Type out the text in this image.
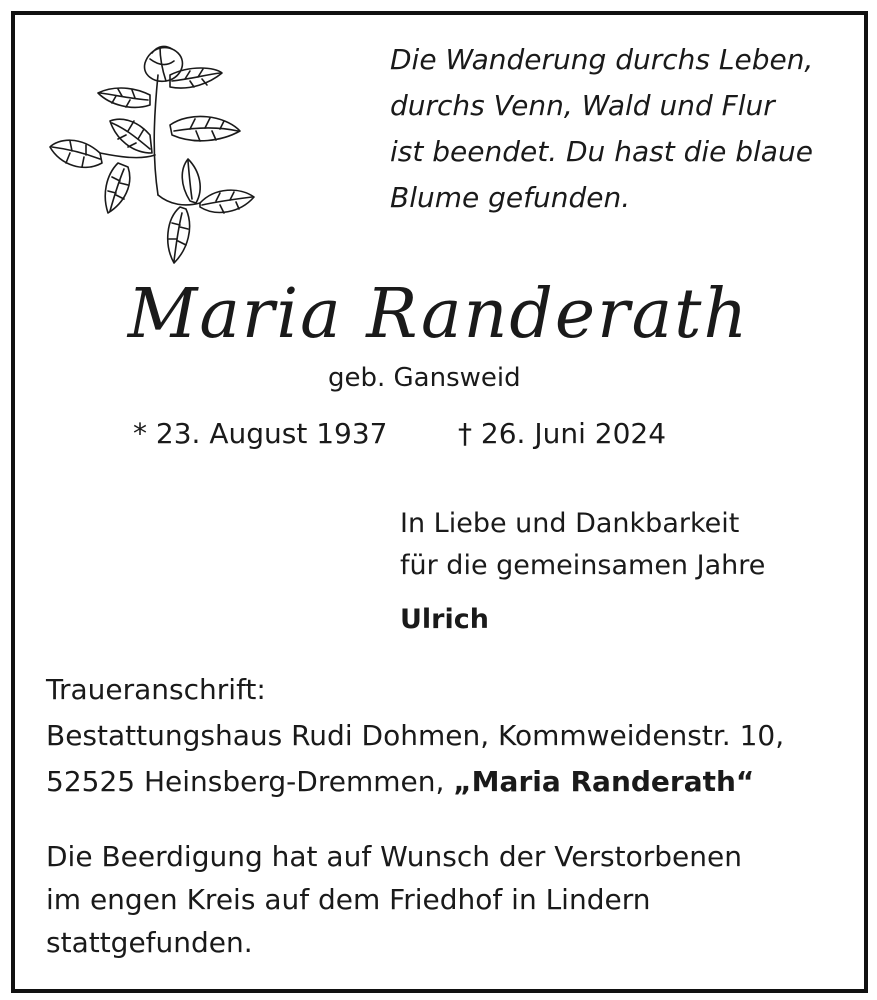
Die Wanderung durchs Leben,
durchs Venn, Wald und Flur
ist beendet. Du hast die blaue
Blume gefunden.
Maria Randerath
geb. Gansweid
* 23. August 1937	† 26. Juni 2024
In Liebe und Dankbarkeit
für die gemeinsamen Jahre
Ulrich
Traueranschrift:
Bestattungshaus Rudi Dohmen, Kommweidenstr. 10,
52525 Heinsberg-Dremmen, „Maria Randerath“
Die Beerdigung hat auf Wunsch der Verstorbenen
im engen Kreis auf dem Friedhof in Lindern
stattgefunden.
